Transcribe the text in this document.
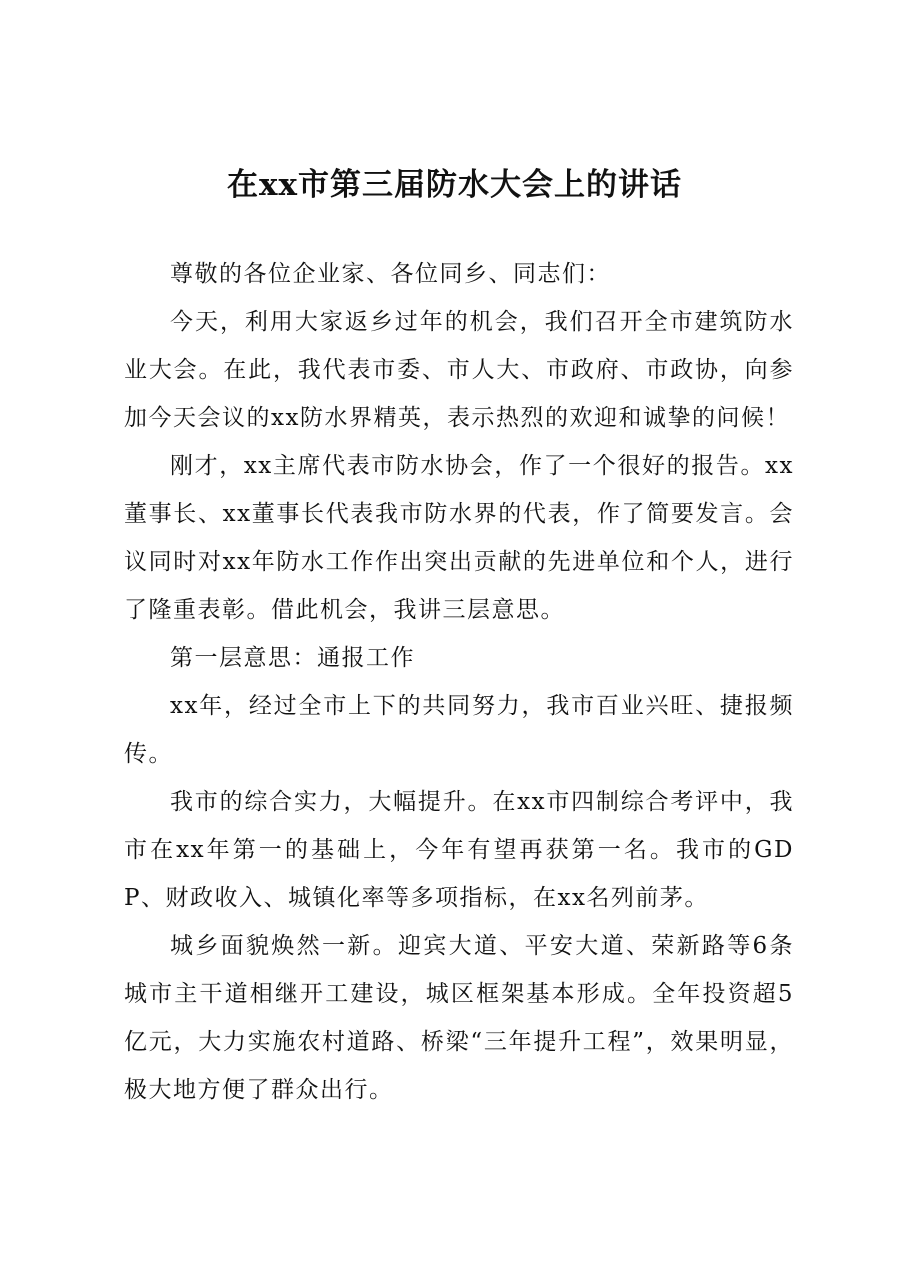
在xx市第三届防水大会上的讲话

尊敬的各位企业家、各位同乡、同志们：

今天，利用大家返乡过年的机会，我们召开全市建筑防水业大会。在此，我代表市委、市人大、市政府、市政协，向参加今天会议的xx防水界精英，表示热烈的欢迎和诚挚的问候！

刚才，xx主席代表市防水协会，作了一个很好的报告。xx董事长、xx董事长代表我市防水界的代表，作了简要发言。会议同时对xx年防水工作作出突出贡献的先进单位和个人，进行了隆重表彰。借此机会，我讲三层意思。

第一层意思：通报工作

xx年，经过全市上下的共同努力，我市百业兴旺、捷报频传。

我市的综合实力，大幅提升。在xx市四制综合考评中，我市在xx年第一的基础上，今年有望再获第一名。我市的GDP、财政收入、城镇化率等多项指标，在xx名列前茅。

城乡面貌焕然一新。迎宾大道、平安大道、荣新路等6条城市主干道相继开工建设，城区框架基本形成。全年投资超5亿元，大力实施农村道路、桥梁“三年提升工程”，效果明显，极大地方便了群众出行。
